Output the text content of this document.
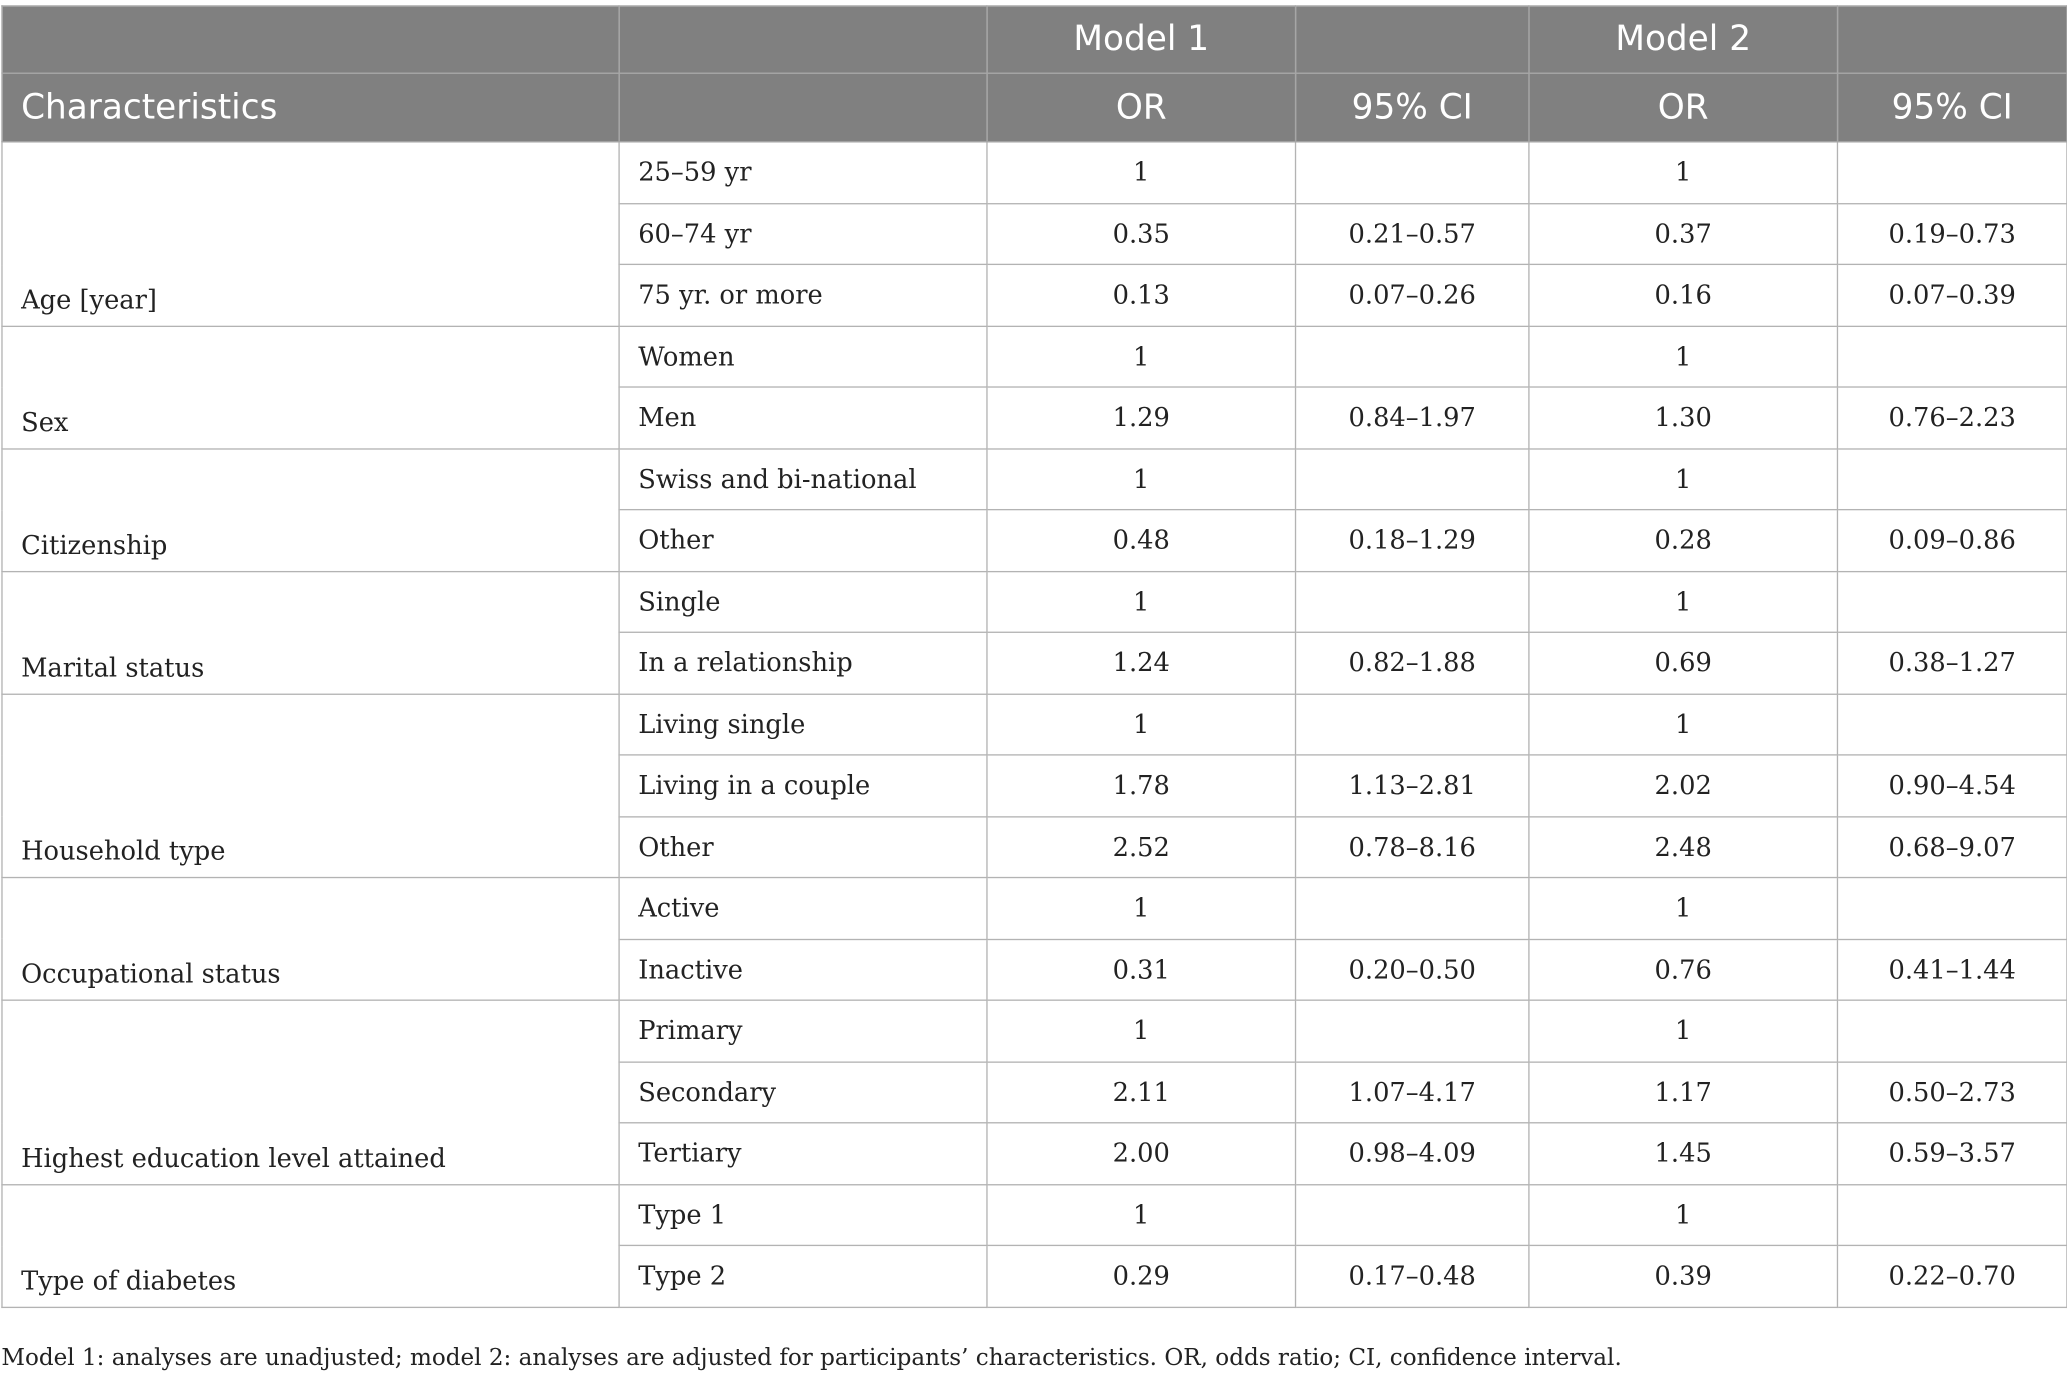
		Model 1		Model 2	
Characteristics		OR	95% CI	OR	95% CI
Age [year]	25–59 yr	1		1	
	60–74 yr	0.35	0.21–0.57	0.37	0.19–0.73
	75 yr. or more	0.13	0.07–0.26	0.16	0.07–0.39
Sex	Women	1		1	
	Men	1.29	0.84–1.97	1.30	0.76–2.23
Citizenship	Swiss and bi-national	1		1	
	Other	0.48	0.18–1.29	0.28	0.09–0.86
Marital status	Single	1		1	
	In a relationship	1.24	0.82–1.88	0.69	0.38–1.27
Household type	Living single	1		1	
	Living in a couple	1.78	1.13–2.81	2.02	0.90–4.54
	Other	2.52	0.78–8.16	2.48	0.68–9.07
Occupational status	Active	1		1	
	Inactive	0.31	0.20–0.50	0.76	0.41–1.44
Highest education level attained	Primary	1		1	
	Secondary	2.11	1.07–4.17	1.17	0.50–2.73
	Tertiary	2.00	0.98–4.09	1.45	0.59–3.57
Type of diabetes	Type 1	1		1	
	Type 2	0.29	0.17–0.48	0.39	0.22–0.70
Model 1: analyses are unadjusted; model 2: analyses are adjusted for participants’ characteristics. OR, odds ratio; CI, confidence interval.
